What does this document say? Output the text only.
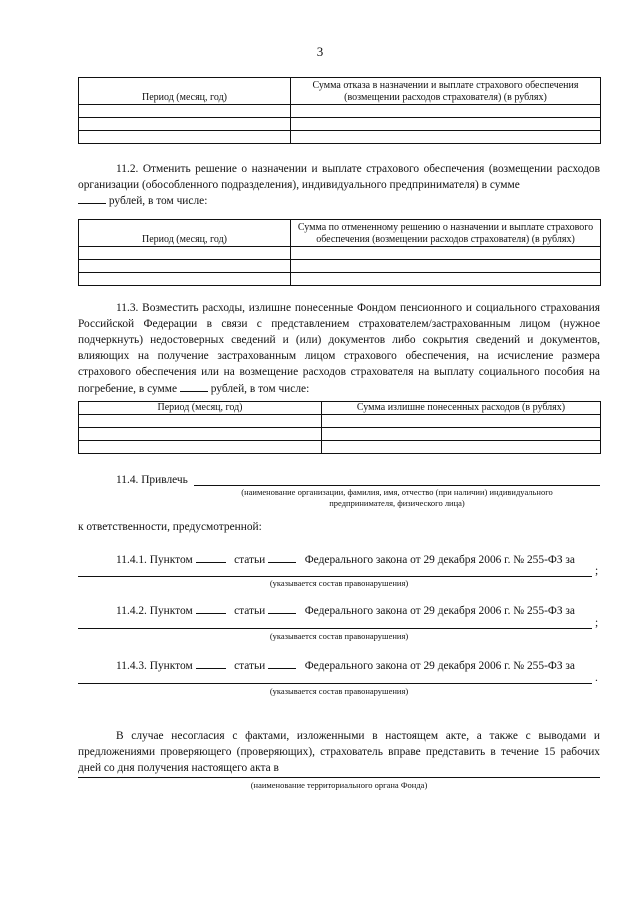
3
Период (месяц, год)	Сумма отказа в назначении и выплате страхового обеспечения (возмещении расходов страхователя) (в рублях)

11.2. Отменить решение о назначении и выплате страхового обеспечения (возмещении расходов организации (обособленного подразделения), индивидуального предпринимателя) в сумме
рублей, в том числе:
Период (месяц, год)	Сумма по отмененному решению о назначении и выплате страхового обеспечения (возмещении расходов страхователя) (в рублях)

11.3. Возместить расходы, излишне понесенные Фондом пенсионного и социального страхования Российской Федерации в связи с представлением страхователем/застрахованным лицом (нужное подчеркнуть) недостоверных сведений и (или) документов либо сокрытия сведений и документов, влияющих на получение застрахованным лицом страхового обеспечения, на исчисление размера страхового обеспечения или на возмещение расходов страхователя на выплату социального пособия на погребение, в сумме	рублей, в том числе:
Период (месяц, год)	Сумма излишне понесенных расходов (в рублях)

11.4. Привлечь
(наименование организации, фамилия, имя, отчество (при наличии) индивидуального
предпринимателя, физического лица)
к ответственности, предусмотренной:
11.4.1. Пунктом	статьи	Федерального закона от 29 декабря 2006 г. № 255-ФЗ за
;
(указывается состав правонарушения)
11.4.2. Пунктом	статьи	Федерального закона от 29 декабря 2006 г. № 255-ФЗ за
;
(указывается состав правонарушения)
11.4.3. Пунктом	статьи	Федерального закона от 29 декабря 2006 г. № 255-ФЗ за
.
(указывается состав правонарушения)
В случае несогласия с фактами, изложенными в настоящем акте, а также с выводами и предложениями проверяющего (проверяющих), страхователь вправе представить в течение 15 рабочих дней со дня получения настоящего акта в
(наименование территориального органа Фонда)
